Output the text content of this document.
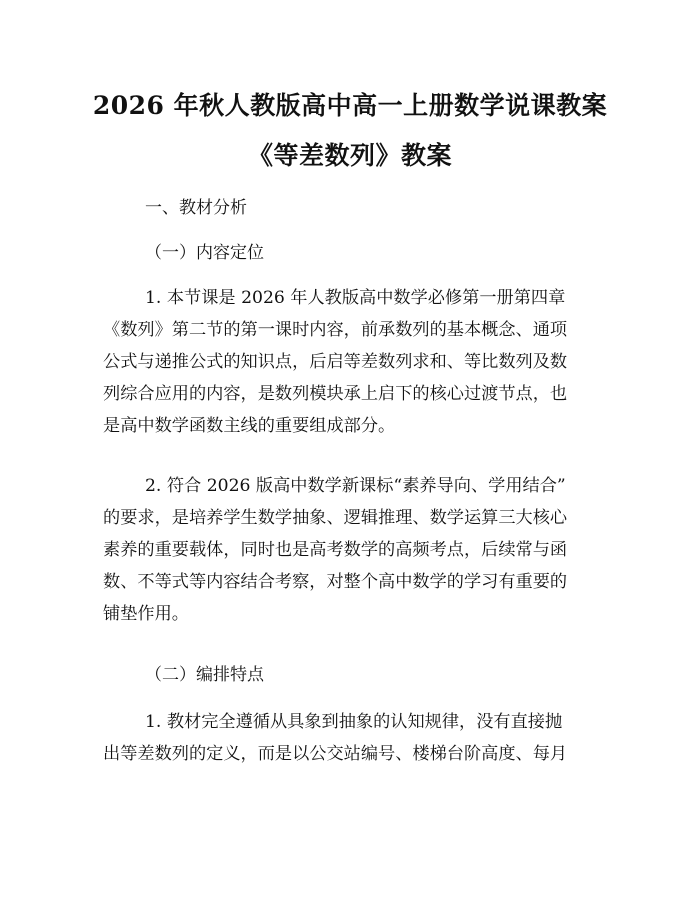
2026 年秋人教版高中高一上册数学说课教案
《等差数列》教案
一、教材分析
（一）内容定位
1. 本节课是 2026 年人教版高中数学必修第一册第四章
《数列》第二节的第一课时内容，前承数列的基本概念、通项
公式与递推公式的知识点，后启等差数列求和、等比数列及数
列综合应用的内容，是数列模块承上启下的核心过渡节点，也
是高中数学函数主线的重要组成部分。
2. 符合 2026 版高中数学新课标“素养导向、学用结合”
的要求，是培养学生数学抽象、逻辑推理、数学运算三大核心
素养的重要载体，同时也是高考数学的高频考点，后续常与函
数、不等式等内容结合考察，对整个高中数学的学习有重要的
铺垫作用。
（二）编排特点
1. 教材完全遵循从具象到抽象的认知规律，没有直接抛
出等差数列的定义，而是以公交站编号、楼梯台阶高度、每月
